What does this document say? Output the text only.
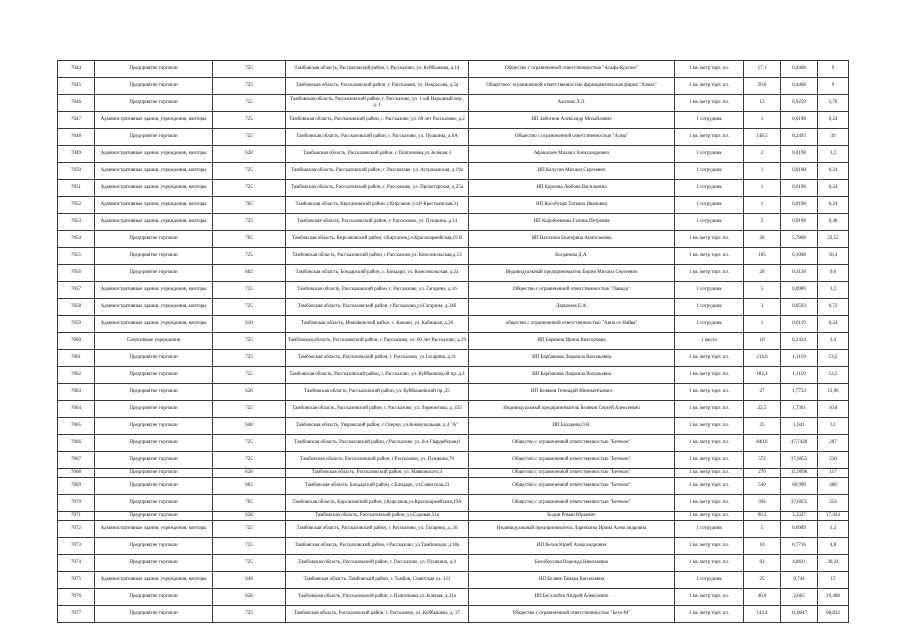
7044	Предприятие торговли	725	Тамбовская область, Рассказовский район, г. Рассказово, ул. Куйбышева, д.14	Общество с ограниченной ответственностью "Альфа-Крупно"	1 кв. метр торг. пл.	17,1	0,4468	9
7045	Предприятие торговли	725	Тамбовская область, Рассказовский район, г. Рассказово, ул. Некрасова, д.5а	Общество с ограниченной ответственностью фармацевтическая фирма "Алмаз"	1 кв. метр торг. пл.	20,6	0,4468	9
7046	Предприятие торговли	725	Тамбовская область, Рассказовский район, г. Рассказово, ул. 1-ый Народный пер., д. 1	Азизова Л.Л.	1 кв. метр торг. пл.	12	0,9259	5,76
7047	Административные здания, учреждения, конторы	725	Тамбовская область, Рассказовский район, г. Рассказово, ул. 60 лет Рассказово, д.2	ИП Заботнов Александр Михайлович	1 сотрудник	1	0,0198	0,24
7048	Предприятие торговли	725	Тамбовская область, Рассказовский район, г. Рассказово, ул. Пушкина, д.6А	Общество с ограниченной ответственностью "Алма"	1 кв. метр торг. пл.	148,5	0,2493	39
7049	Административные здания, учреждения, конторы	628	Тамбовская область, Рассказовский район, с.Платоновка,ул.Зелёная,3	Афанасьев Михаил Александрович	1 сотрудник	2	0,0198	1,2
7050	Административные здания, учреждения, конторы	725	Тамбовская область, Рассказовский район, г. Рассказово, ул. Астраханская, д.19а	ИП Калугин Михаил Сергеевич	1 сотрудник	1	0,0198	0,24
7051	Административные здания, учреждения, конторы	725	Тамбовская область, Рассказовский район, г. Рассказово, ул. Пролетарская, д.25а	ИП Карпова Любовь Васильевна	1 сотрудник	1	0,0198	0,24
7052	Административные здания, учреждения, конторы	705	Тамбовская область, Кирсановский район, г.Кирсанов ,ул.Р-Крестьянская,31	ИП Кособуцко Татьяна Ивановна	1 сотрудник	1	0,0198	0,24
7053	Административные здания, учреждения, конторы	725	Тамбовская область, Рассказовский район, г. Рассказово, ул. Пушкина, д.14	ИП Коробченкова Галина Петровна	1 сотрудник	2	0,0198	0,48
7054	Предприятие торговли	705	Тамбовская область, Кирсановский район, г.Кирсанов,ул.Красноармейская,19 В	ИП Ватолина Екатерина Анатольевна	1 кв. метр торг. пл.	49	5,7808	23,52
7055	Предприятие торговли	725	Тамбовская область, Рассказовский район, г.Рассказово,ул. Комсомольская,д.13	Богданова Д.А.	1 кв. метр торг. пл.	105	0,1008	50,4
7056	Предприятие торговли	602	Тамбовская область, Бондарский район, с. Бондари, ул. Комсомольская, д.2а	Индивидуальный предприниматель Бирин Михаил Сергеевич	1 кв. метр торг. пл.	20	0,3128	9,6
7057	Административные здания, учреждения, конторы	725	Тамбовская область, Рассказовский район, г. Рассказово, ул. Гагарина, д.16	Общество с ограниченной ответственностью "Лавида"	1 сотрудник	5	0,0989	1,2
7058	Административные здания, учреждения, конторы	725	Тамбовская область, Рассказовский район, г.Рассказово,ул.Гагарина, д.34б	Ларионов Е.А.	1 сотрудник	3	0,0593	0,72
7059	Административные здания, учреждения, конторы	610	Тамбовская область, Инжавинский район, с. Канаки, ул. Кабицкая, д.26	общество с ограниченной ответственностью "Анна от Найва"	1 сотрудник	1	0,0119	0,24
7060	Спортивные учреждения	725	Тамбовская область, Рассказовский район, г. Рассказово, ул. 60 лет Рассказово, д.29	ИП Бармина Ирина Викторовна	1 место	10	0,2424	2,4
7061	Предприятие торговли	725	Тамбовская область, Рассказовский район, г. Рассказово, ул.Гагарина, д.31	ИП Барбашова Людмила Васильевна	1 кв. метр торг. пл.	214,6	1,1119	13,2
7062	Предприятие торговли	725	Тамбовская область, Рассказовский район, г. Рассказово, ул. Куйбышева,ой пр. д.4	ИП Барбашова Людмила Васильевна	1 кв. метр торг. пл.	182,4	1,1119	13,2
7063	Предприятие торговли	628	Тамбовская область, Рассказовский район, ул. Куйбышевский пр.,35	ИП Беляков Геннадий Иннокентьевич	1 кв. метр торг. пл.	27	1,7733	12,96
7064	Предприятие торговли	725	Тамбовская область, Рассказовский район, г. Рассказово, ул. Лермонтова, д. 435	Индивидуальный предприниматель Беляков Сергей Алексеевич	1 кв. метр торг. пл.	22,5	1,7361	10,8
7065	Предприятие торговли	648	Тамбовская область, Уваровский район, с.Озерки, ул.Коммунальная, д.4 "А"	ИП Бахарева О.В.	1 кв. метр торг. пл.	25	1,641	12
7066	Предприятие торговли	725	Тамбовская область, Рассказовский район, г.Рассказово, ул. 8-я Гвардейская,8	Общество с ограниченной ответственностью "Бетекон"	1 кв. метр торг. пл.	840,6	47,7428	207
7067	Предприятие торговли	725	Тамбовская область, Рассказовский район, г.Рассказово, ул. Пушкина,70	Общество с ограниченной ответственностью "Бетекон"	1 кв. метр торг. пл.	572	37,6055	230
7068	Предприятие торговли	628	Тамбовская область, Рассказовский район, ул. Маяковского,4	Общество с ограниченной ответственностью "Бетекон"	1 кв. метр торг. пл.	270	15,9998	117
7069	Предприятие торговли	602	Тамбовская область, Бондарский район, с.Бондари, ул.Советская,23	Общество с ограниченной ответственностью "Бетекон"	1 кв. метр торг. пл.	540	66,999	408
7070	Предприятие торговли	705	Тамбовская область, Кирсановский район, г.Кирсанов,ул.Красноармейская,19А	Общество с ограниченной ответственностью "Бетекон"	1 кв. метр торг. пл.	394	37,6055	254
7071	Предприятие торговли	628	Тамбовская область, Рассказовский район, ул.Садовая,31а	Бодин Роман Юрьевич	1 кв. метр торг. пл.	96,3	3,3327	17,424
7072	Административные здания, учреждения, конторы	725	Тамбовская область, Рассказовский район, г. Рассказово, ул. Гагарина, д. 20	Индивидуальный предприниматель Ларичкина Ирина Александровна	1 сотрудник	5	0,0989	1,2
7073	Предприятие торговли	725	Тамбовская область, Рассказовский район, г.Рассказово, ул.Тамбовская, д.18а	ИП Вехов Юрий Александрович	1 кв. метр торг. пл.	10	0,7716	4,8
7074	Предприятие торговли	725	Тамбовская область, Рассказовский район, г. Рассказово, ул. Пушкина, д.4	Белобрусова Надежда Николаевна	1 кв. метр торг. пл.	63	4,8611	30,24
7075	Административные здания, учреждения, конторы	648	Тамбовская область, Тамбовский район, г. Тамбов, Советская ул. 121	ИП Беляев Тамара Васильевна	1 сотрудник	25	0,744	15
7076	Предприятие торговли	628	Тамбовская область, Рассказовский район, с.Платоновка,ул.Зеленая, д.31а	ИП Бесхлебов Андрей Алексеевич	1 кв. метр торг. пл.	40,6	2,665	19,488
7077	Предприятие торговли	725	Тамбовская область, Рассказовский район, г. Рассказово, ул. Куйбышева, д. 37	Общество с ограниченной ответственностью "Бета-М"	1 кв. метр торг. пл.	143,4	11,0647	68,832
